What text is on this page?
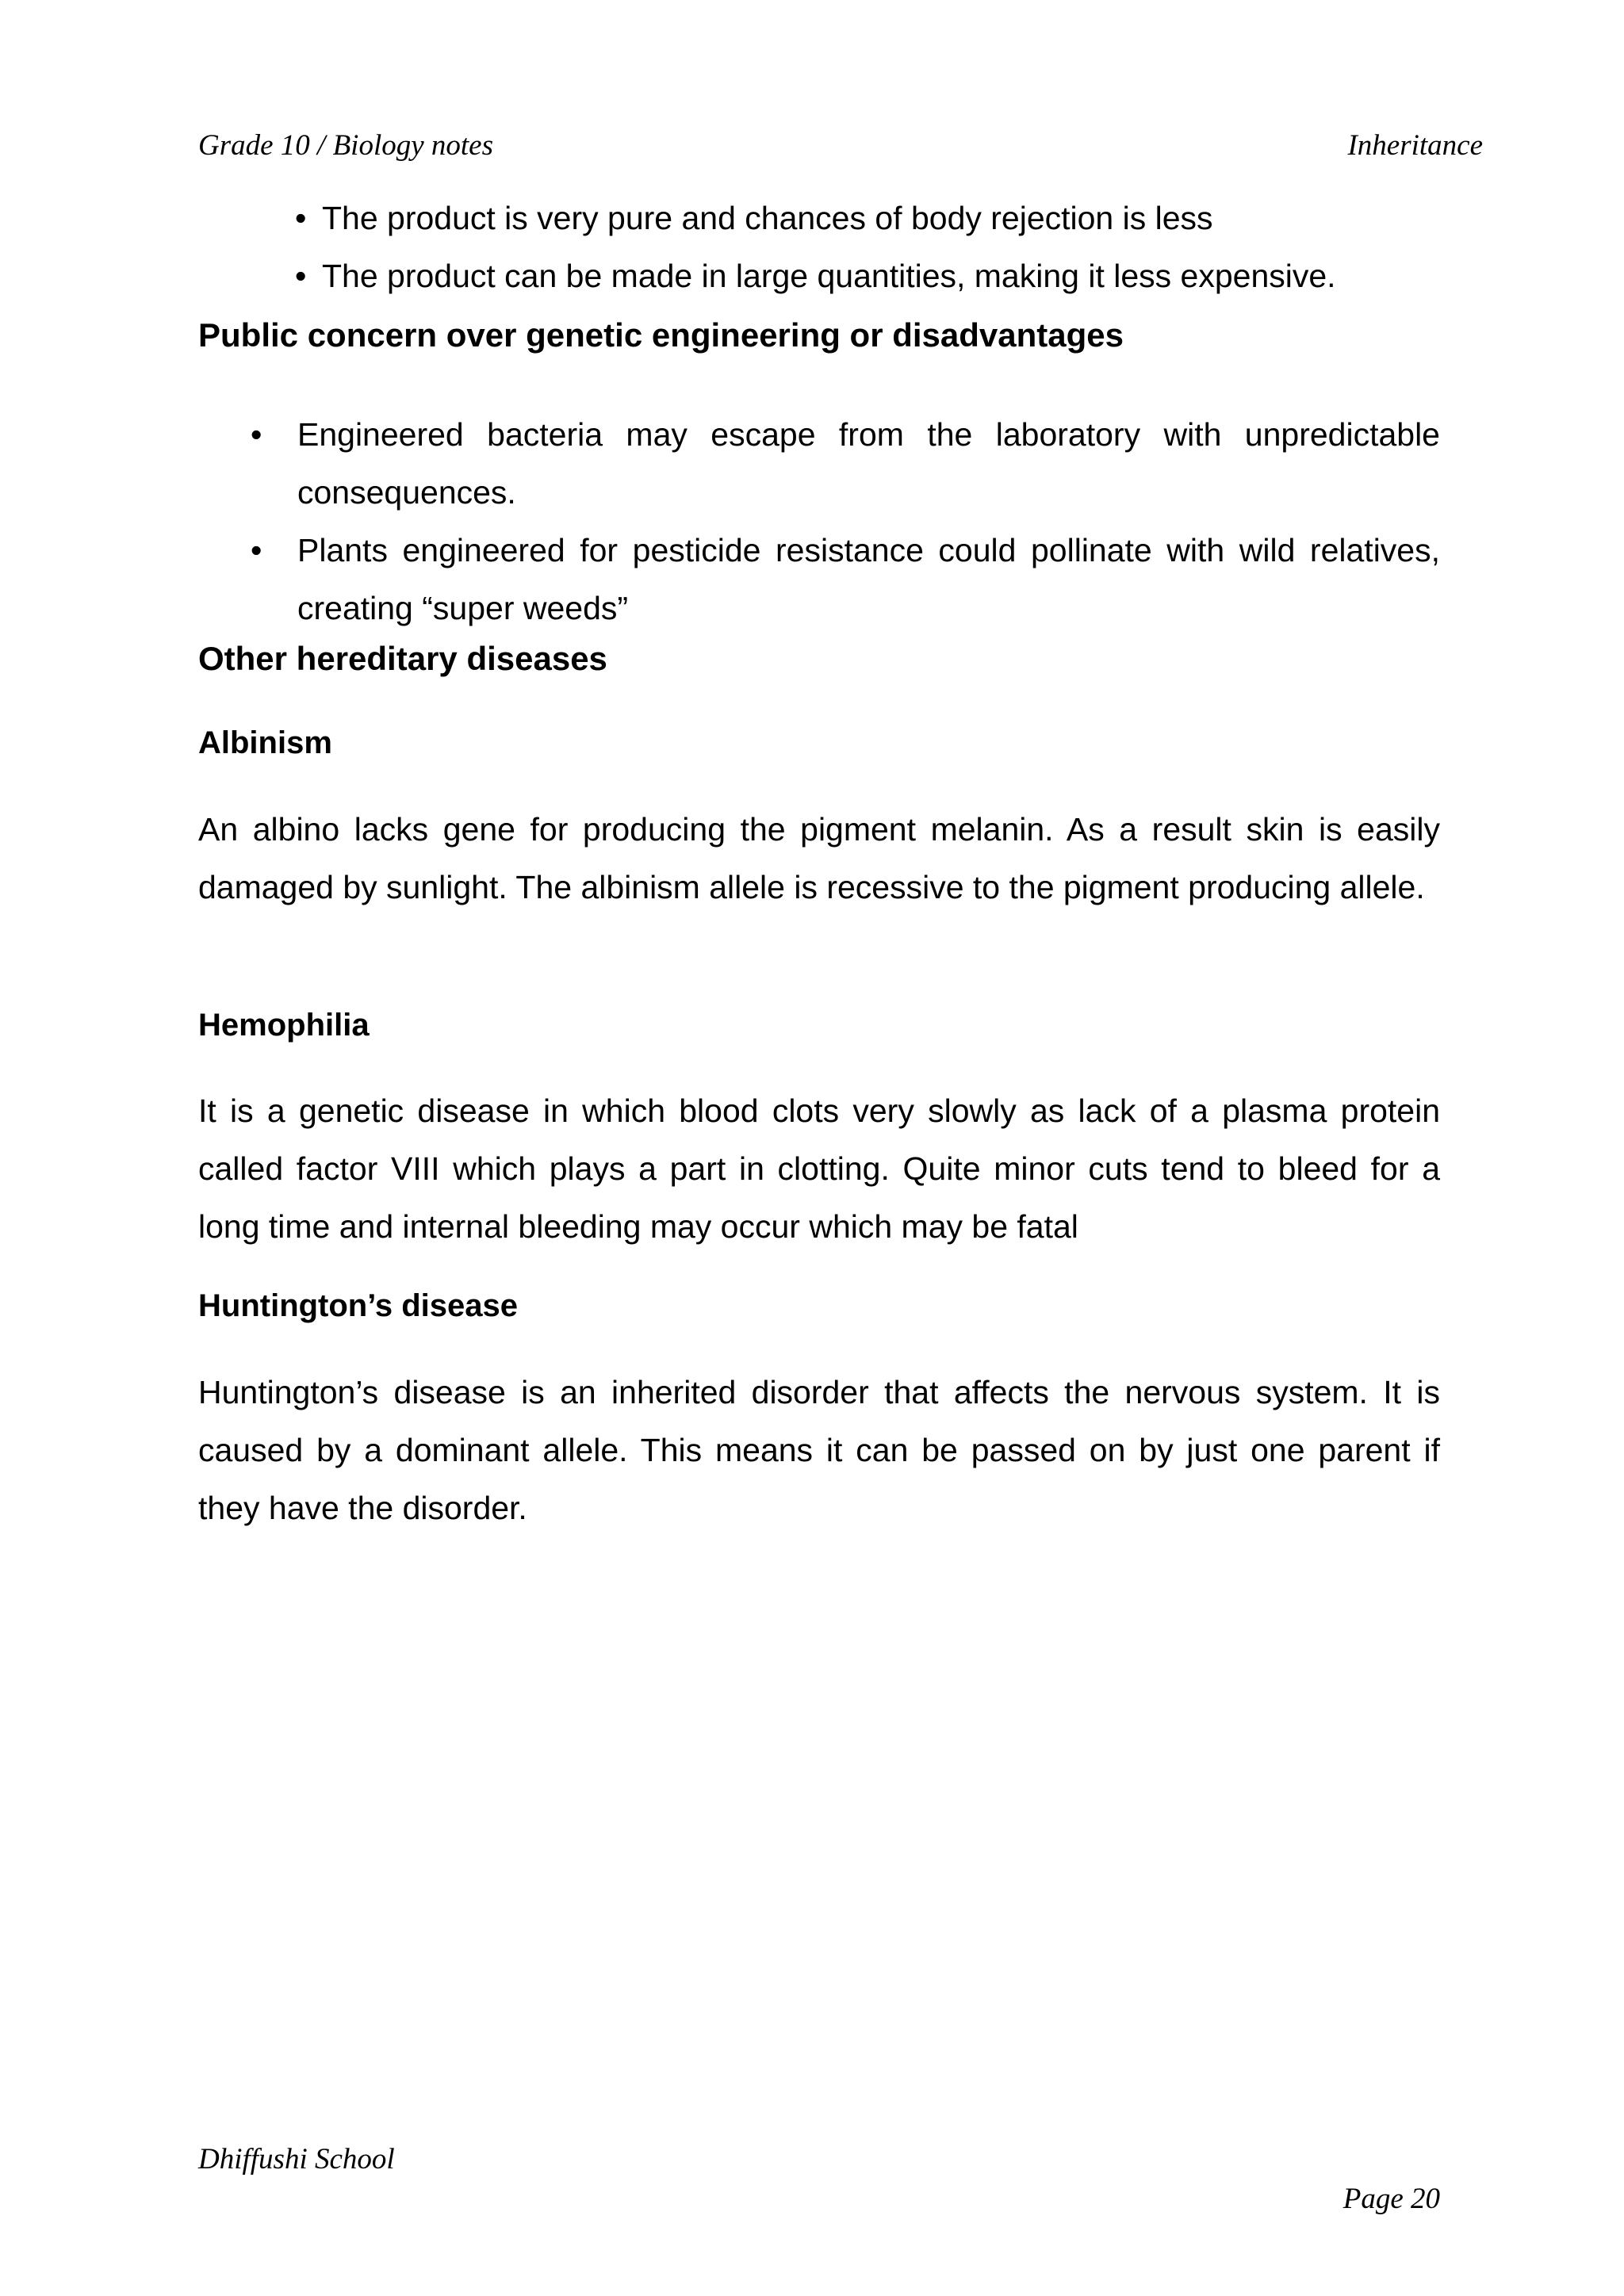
Grade 10 / Biology notes	Inheritance
• The product is very pure and chances of body rejection is less
• The product can be made in large quantities, making it less expensive.
Public concern over genetic engineering or disadvantages
• Engineered bacteria may escape from the laboratory with unpredictable consequences.
• Plants engineered for pesticide resistance could pollinate with wild relatives, creating “super weeds”
Other hereditary diseases
Albinism

An albino lacks gene for producing the pigment melanin. As a result skin is easily damaged by sunlight. The albinism allele is recessive to the pigment producing allele.

Hemophilia

It is a genetic disease in which blood clots very slowly as lack of a plasma protein called factor VIII which plays a part in clotting. Quite minor cuts tend to bleed for a long time and internal bleeding may occur which may be fatal

Huntington’s disease

Huntington’s disease is an inherited disorder that affects the nervous system. It is caused by a dominant allele. This means it can be passed on by just one parent if they have the disorder.

Dhiffushi School
Page 20
